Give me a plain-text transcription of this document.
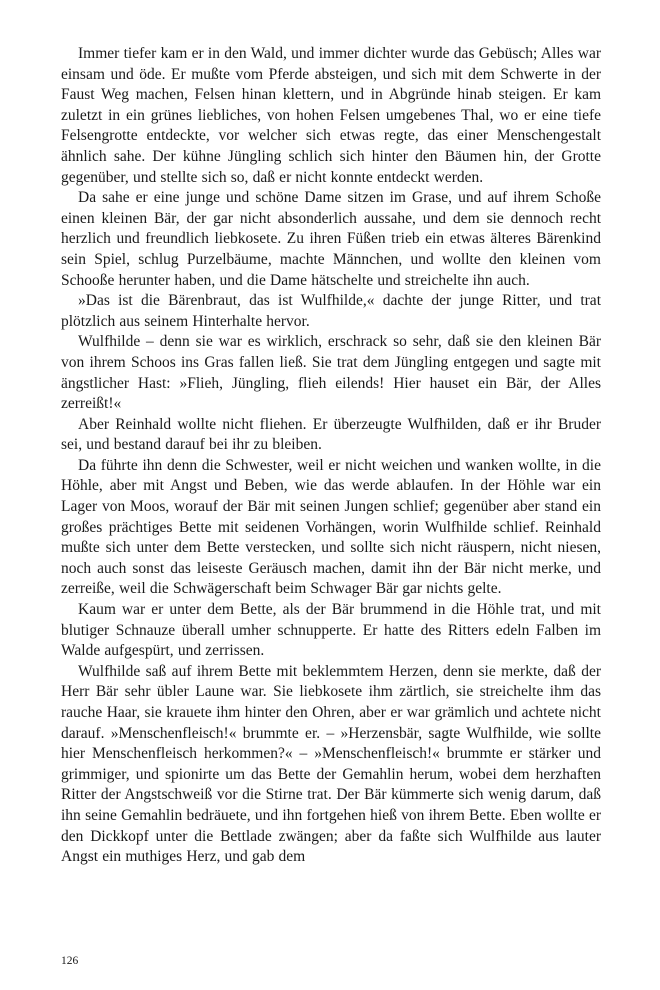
Immer tiefer kam er in den Wald, und immer dichter wurde das Gebüsch; Alles war einsam und öde. Er mußte vom Pferde absteigen, und sich mit dem Schwerte in der Faust Weg machen, Felsen hinan klettern, und in Abgründe hinab steigen. Er kam zuletzt in ein grünes liebliches, von hohen Felsen umgebenes Thal, wo er eine tiefe Felsengrotte entdeckte, vor welcher sich etwas regte, das einer Menschengestalt ähnlich sahe. Der kühne Jüngling schlich sich hinter den Bäumen hin, der Grotte gegenüber, und stellte sich so, daß er nicht konnte entdeckt werden.

Da sahe er eine junge und schöne Dame sitzen im Grase, und auf ihrem Schoße einen kleinen Bär, der gar nicht absonderlich aussahe, und dem sie dennoch recht herzlich und freundlich liebkosete. Zu ihren Füßen trieb ein etwas älteres Bärenkind sein Spiel, schlug Purzelbäume, machte Männchen, und wollte den kleinen vom Schooße herunter haben, und die Dame hätschelte und streichelte ihn auch.

»Das ist die Bärenbraut, das ist Wulfhilde,« dachte der junge Ritter, und trat plötzlich aus seinem Hinterhalte hervor.

Wulfhilde – denn sie war es wirklich, erschrack so sehr, daß sie den kleinen Bär von ihrem Schoos ins Gras fallen ließ. Sie trat dem Jüngling entgegen und sagte mit ängstlicher Hast: »Flieh, Jüngling, flieh eilends! Hier hauset ein Bär, der Alles zerreißt!«

Aber Reinhald wollte nicht fliehen. Er überzeugte Wulfhilden, daß er ihr Bruder sei, und bestand darauf bei ihr zu bleiben.

Da führte ihn denn die Schwester, weil er nicht weichen und wanken wollte, in die Höhle, aber mit Angst und Beben, wie das werde ablaufen. In der Höhle war ein Lager von Moos, worauf der Bär mit seinen Jungen schlief; gegenüber aber stand ein großes prächtiges Bette mit seidenen Vorhängen, worin Wulfhilde schlief. Reinhald mußte sich unter dem Bette verstecken, und sollte sich nicht räuspern, nicht niesen, noch auch sonst das leiseste Geräusch machen, damit ihn der Bär nicht merke, und zerreiße, weil die Schwägerschaft beim Schwager Bär gar nichts gelte.

Kaum war er unter dem Bette, als der Bär brummend in die Höhle trat, und mit blutiger Schnauze überall umher schnupperte. Er hatte des Ritters edeln Falben im Walde aufgespürt, und zerrissen.

Wulfhilde saß auf ihrem Bette mit beklemmtem Herzen, denn sie merkte, daß der Herr Bär sehr übler Laune war. Sie liebkosete ihm zärtlich, sie streichelte ihm das rauche Haar, sie krauete ihm hinter den Ohren, aber er war grämlich und achtete nicht darauf. »Menschenfleisch!« brummte er. – »Herzensbär, sagte Wulfhilde, wie sollte hier Menschenfleisch herkommen?« – »Menschenfleisch!« brummte er stärker und grimmiger, und spionirte um das Bette der Gemahlin herum, wobei dem herzhaften Ritter der Angstschweiß vor die Stirne trat. Der Bär kümmerte sich wenig darum, daß ihn seine Gemahlin bedräuete, und ihn fortgehen hieß von ihrem Bette. Eben wollte er den Dickkopf unter die Bettlade zwängen; aber da faßte sich Wulfhilde aus lauter Angst ein muthiges Herz, und gab dem

126
